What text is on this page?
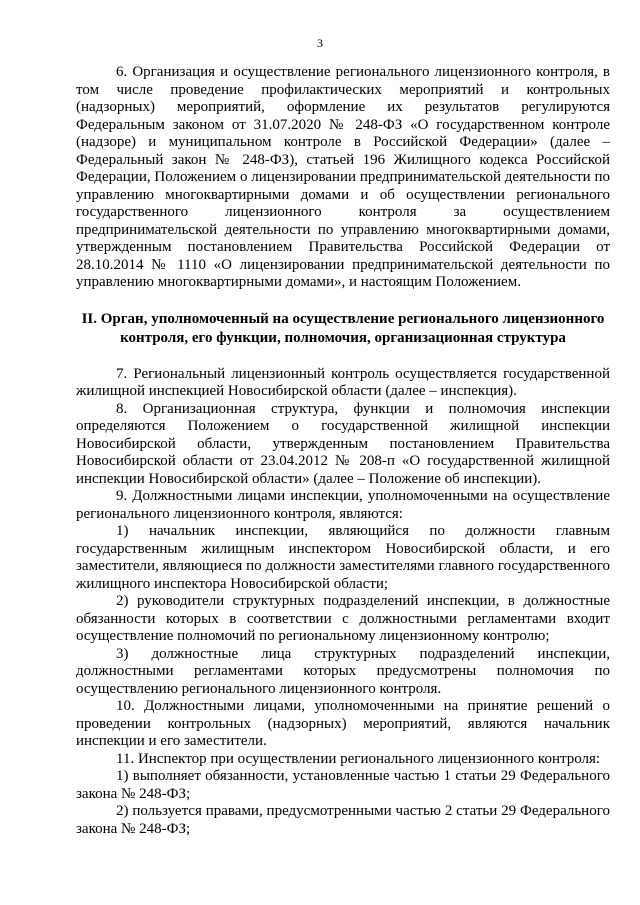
3

6. Организация и осуществление регионального лицензионного контроля, в том числе проведение профилактических мероприятий и контрольных (надзорных) мероприятий, оформление их результатов регулируются Федеральным законом от 31.07.2020 № 248-ФЗ «О государственном контроле (надзоре) и муниципальном контроле в Российской Федерации» (далее – Федеральный закон № 248-ФЗ), статьей 196 Жилищного кодекса Российской Федерации, Положением о лицензировании предпринимательской деятельности по управлению многоквартирными домами и об осуществлении регионального государственного лицензионного контроля за осуществлением предпринимательской деятельности по управлению многоквартирными домами, утвержденным постановлением Правительства Российской Федерации от 28.10.2014 № 1110 «О лицензировании предпринимательской деятельности по управлению многоквартирными домами», и настоящим Положением.

II. Орган, уполномоченный на осуществление регионального лицензионного контроля, его функции, полномочия, организационная структура

7. Региональный лицензионный контроль осуществляется государственной жилищной инспекцией Новосибирской области (далее – инспекция).

8. Организационная структура, функции и полномочия инспекции определяются Положением о государственной жилищной инспекции Новосибирской области, утвержденным постановлением Правительства Новосибирской области от 23.04.2012 № 208-п «О государственной жилищной инспекции Новосибирской области» (далее – Положение об инспекции).

9. Должностными лицами инспекции, уполномоченными на осуществление регионального лицензионного контроля, являются:

1) начальник инспекции, являющийся по должности главным государственным жилищным инспектором Новосибирской области, и его заместители, являющиеся по должности заместителями главного государственного жилищного инспектора Новосибирской области;

2) руководители структурных подразделений инспекции, в должностные обязанности которых в соответствии с должностными регламентами входит осуществление полномочий по региональному лицензионному контролю;

3) должностные лица структурных подразделений инспекции, должностными регламентами которых предусмотрены полномочия по осуществлению регионального лицензионного контроля.

10. Должностными лицами, уполномоченными на принятие решений о проведении контрольных (надзорных) мероприятий, являются начальник инспекции и его заместители.

11. Инспектор при осуществлении регионального лицензионного контроля:

1) выполняет обязанности, установленные частью 1 статьи 29 Федерального закона № 248-ФЗ;

2) пользуется правами, предусмотренными частью 2 статьи 29 Федерального закона № 248-ФЗ;
